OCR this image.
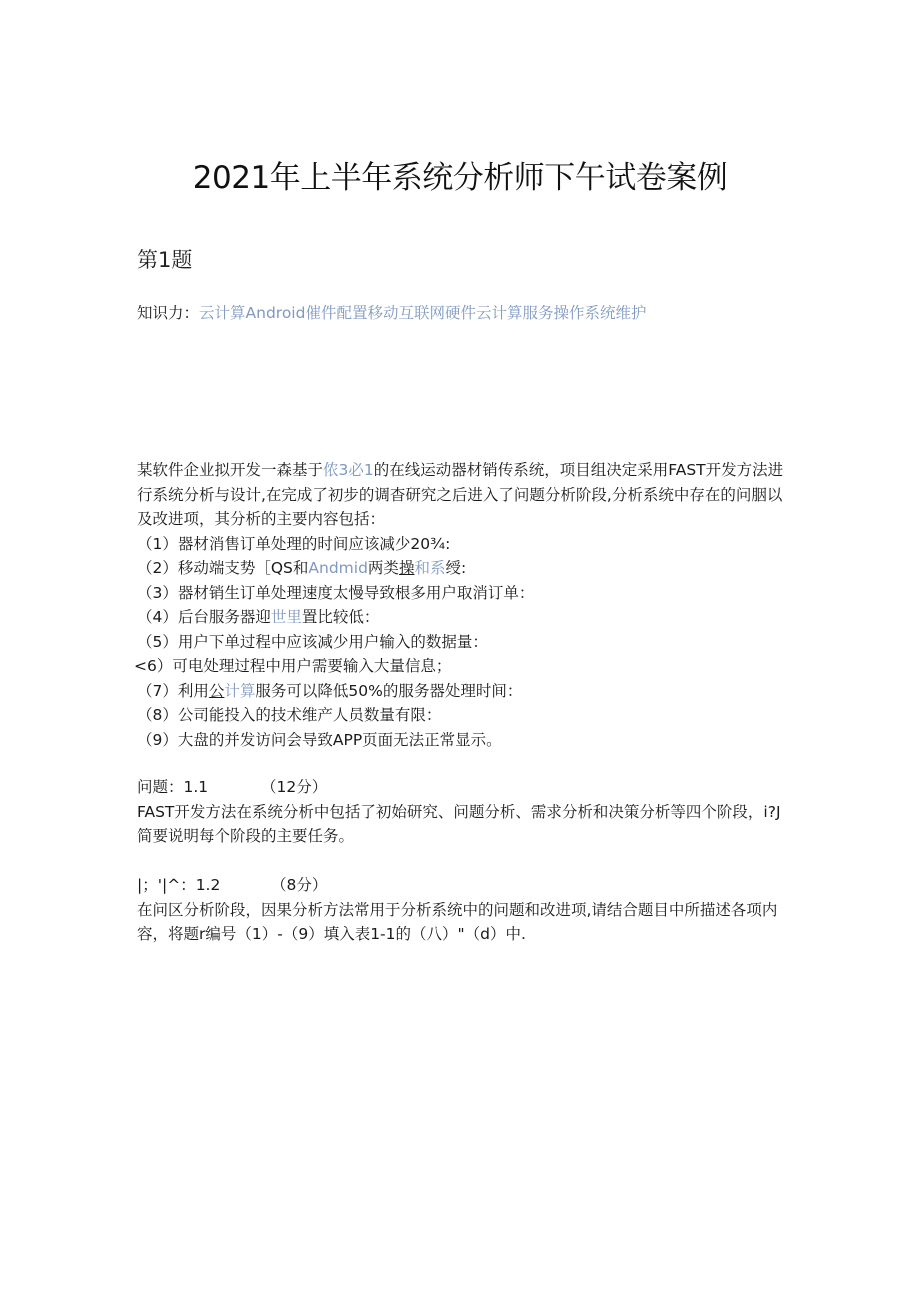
2021年上半年系统分析师下午试卷案例
第1题
知识力：云计算Android催件配置移动互联网硬件云计算服务操作系统维护

某软件企业拟开发一森基于侬3必1的在线运动器材销传系统，项目组决定采用FAST开发方法进行系统分析与设计,在完成了初步的调杳研究之后进入了问题分析阶段,分析系统中存在的问胭以及改进项，其分析的主要内容包括：

（1）器材消售订单处理的时间应该减少20¾:

（2）移动端支势［QS和Andmid两类操和系绶:

（3）器材销生订单处理速度太慢导致根多用户取消订单：

（4）后台服务器迎世里置比较低：

（5）用户下单过程中应该减少用户输入的数据量：

<6）可电处理过程中用户需要输入大量信息；

（7）利用公计算服务可以降低50%的服务器处理时间：

（8）公司能投入的技术维产人员数量有限：

（9）大盘的并发访问会导致APP页面无法正常显示。

问题：1.1	（12分）

FAST开发方法在系统分析中包括了初始研究、问题分析、需求分析和决策分析等四个阶段，i?J简要说明每个阶段的主要任务。

|；'|^：1.2	（8分）

在问区分析阶段，因果分析方法常用于分析系统中的问题和改进项,请结合题目中所描述各项内容，将题r编号（1）-（9）填入表1-1的（八）"（d）中.
